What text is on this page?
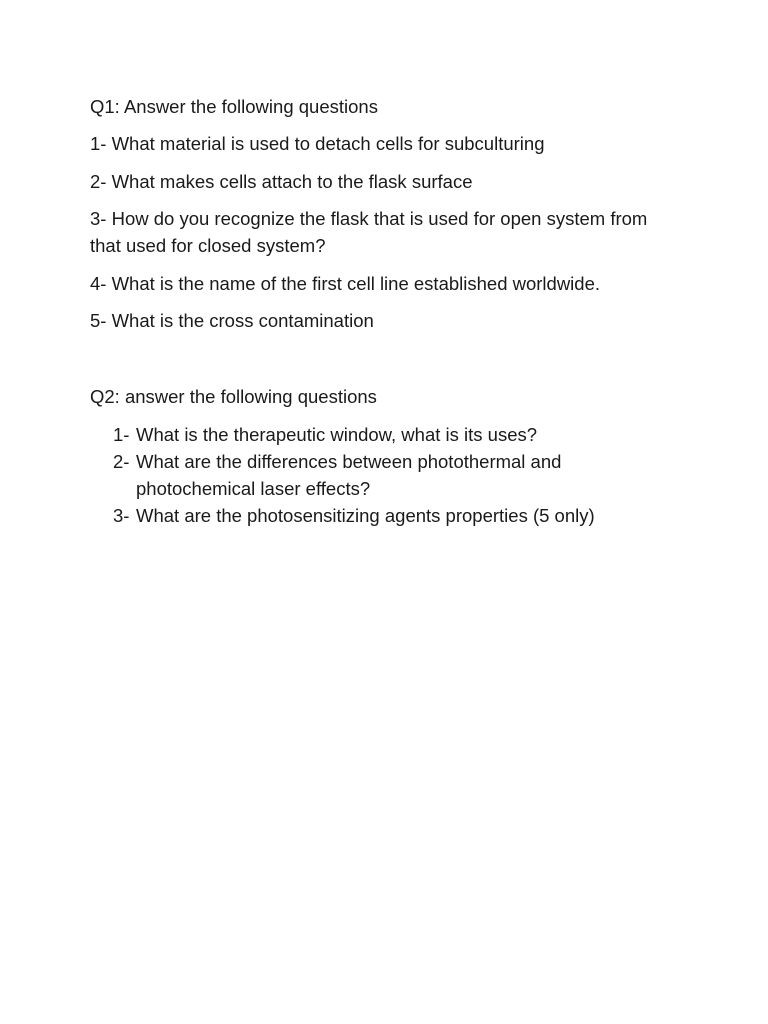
Q1: Answer the following questions
1- What material is used to detach cells for subculturing
2- What makes cells attach to the flask surface
3- How do you recognize the flask that is used for open system from
that used for closed system?
4- What is the name of the first cell line established worldwide.
5- What is the cross contamination
Q2: answer the following questions
1- What is the therapeutic window, what is its uses?
2- What are the differences between photothermal and
photochemical laser effects?
3- What are the photosensitizing agents properties (5 only)
